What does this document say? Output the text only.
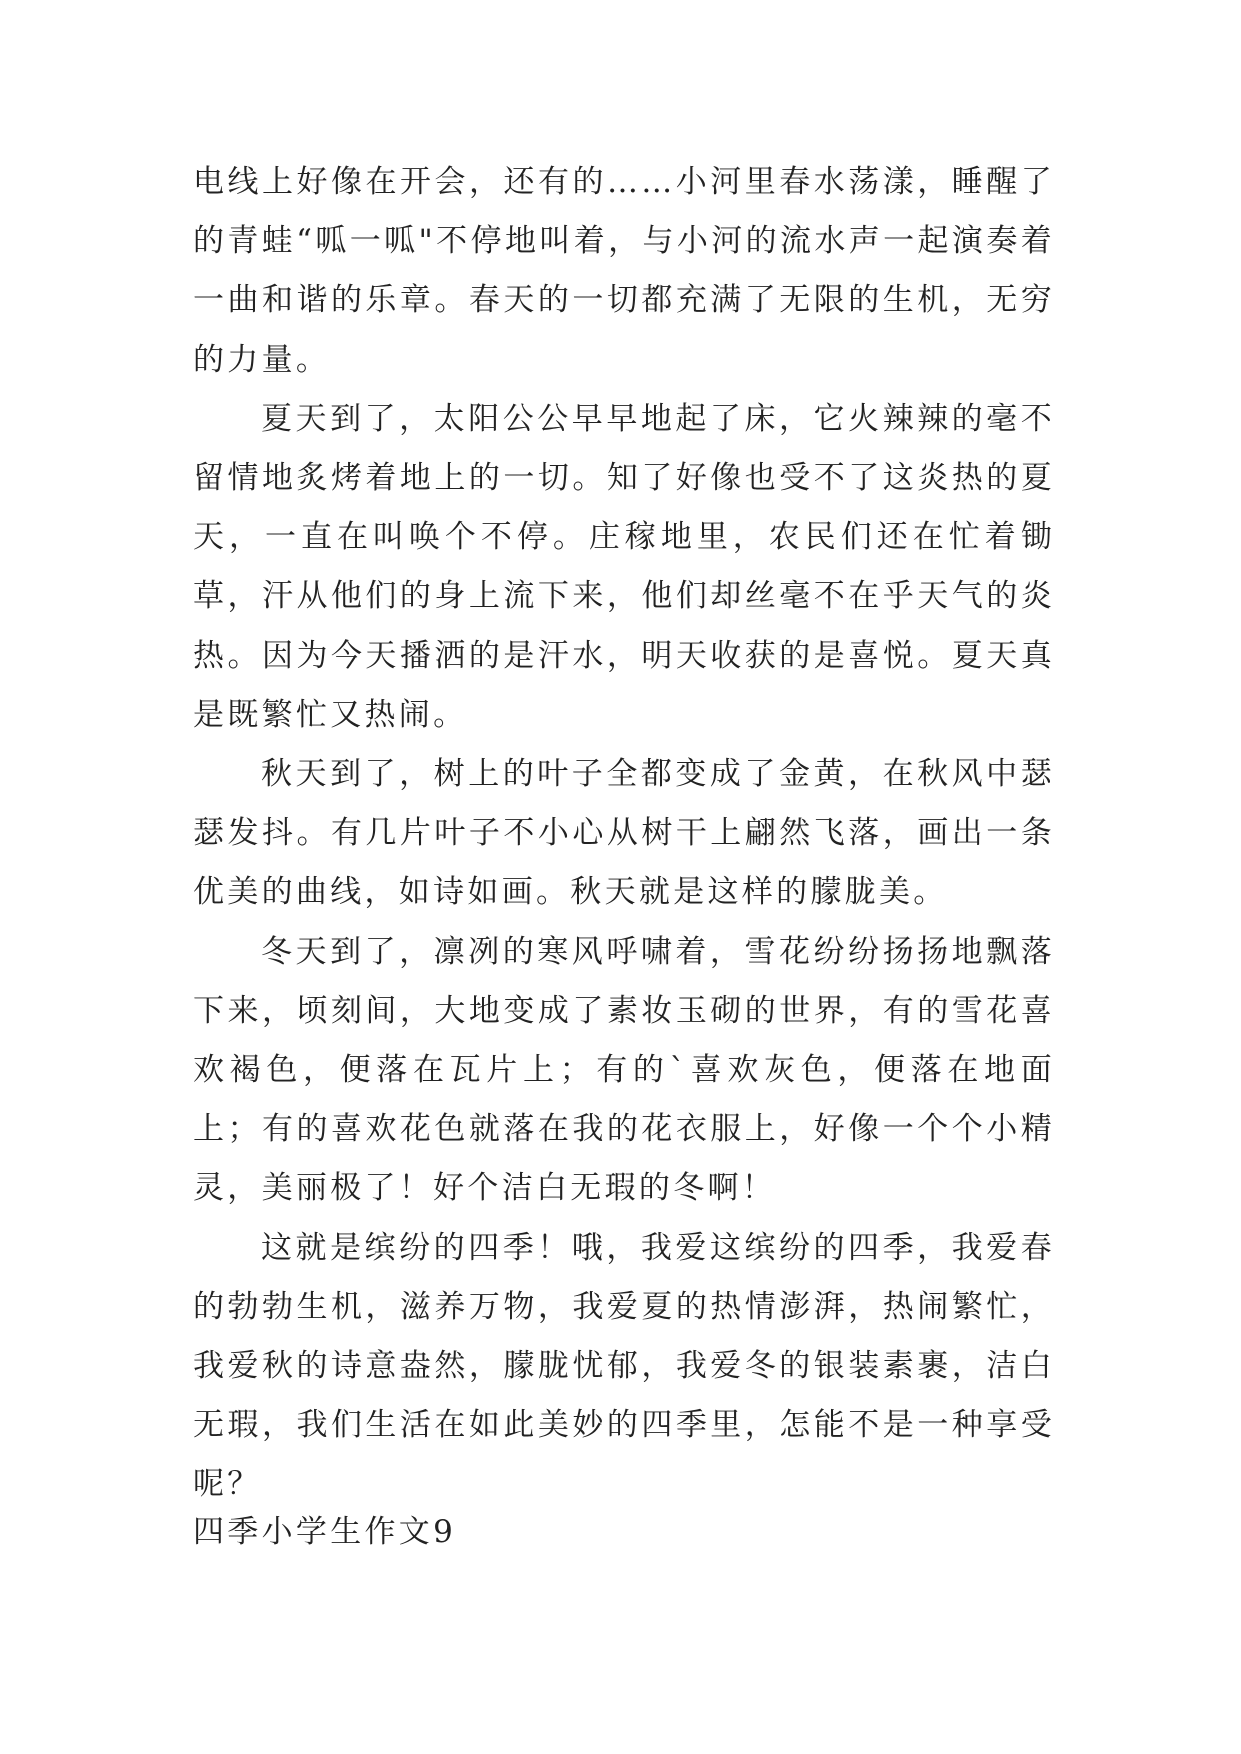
电线上好像在开会，还有的……小河里春水荡漾，睡醒了的青蛙“呱一呱"不停地叫着，与小河的流水声一起演奏着一曲和谐的乐章。春天的一切都充满了无限的生机，无穷的力量。

夏天到了，太阳公公早早地起了床，它火辣辣的毫不留情地炙烤着地上的一切。知了好像也受不了这炎热的夏天，一直在叫唤个不停。庄稼地里，农民们还在忙着锄草，汗从他们的身上流下来，他们却丝毫不在乎天气的炎热。因为今天播洒的是汗水，明天收获的是喜悦。夏天真是既繁忙又热闹。

秋天到了，树上的叶子全都变成了金黄，在秋风中瑟瑟发抖。有几片叶子不小心从树干上翩然飞落，画出一条优美的曲线，如诗如画。秋天就是这样的朦胧美。

冬天到了，凛冽的寒风呼啸着，雪花纷纷扬扬地飘落下来，顷刻间，大地变成了素妆玉砌的世界，有的雪花喜欢褐色，便落在瓦片上；有的`喜欢灰色，便落在地面上；有的喜欢花色就落在我的花衣服上，好像一个个小精灵，美丽极了！好个洁白无瑕的冬啊！

这就是缤纷的四季！哦，我爱这缤纷的四季，我爱春的勃勃生机，滋养万物，我爱夏的热情澎湃，热闹繁忙，我爱秋的诗意盎然，朦胧忧郁，我爱冬的银装素裹，洁白无瑕，我们生活在如此美妙的四季里，怎能不是一种享受呢？

四季小学生作文9
